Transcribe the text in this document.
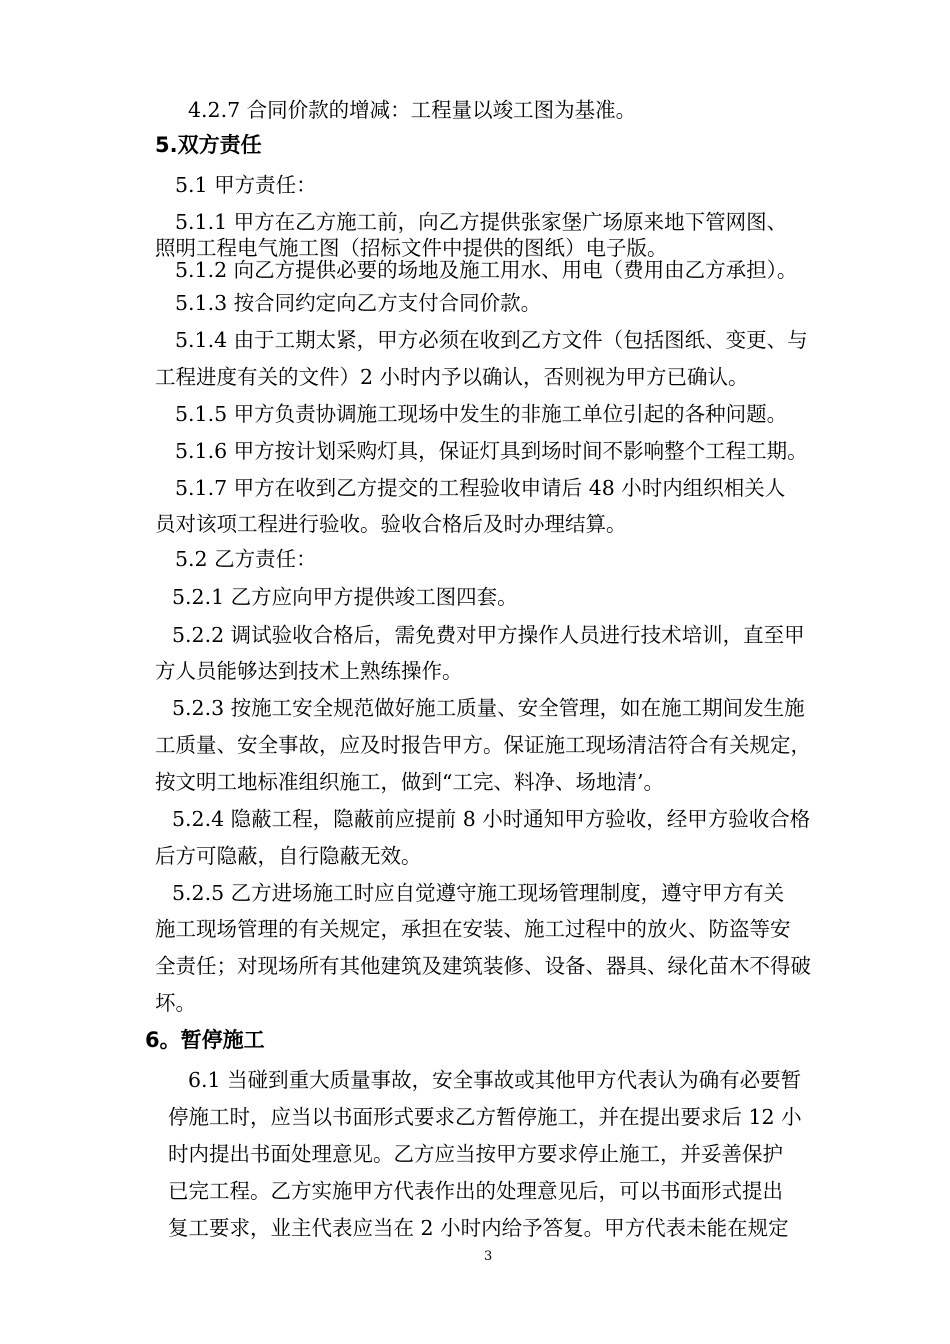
4.2.7 合同价款的增减：工程量以竣工图为基准。
5.双方责任
5.1 甲方责任：
5.1.1 甲方在乙方施工前，向乙方提供张家堡广场原来地下管网图、
照明工程电气施工图（招标文件中提供的图纸）电子版。
5.1.2 向乙方提供必要的场地及施工用水、用电（费用由乙方承担）。
5.1.3 按合同约定向乙方支付合同价款。
5.1.4 由于工期太紧，甲方必须在收到乙方文件（包括图纸、变更、与
工程进度有关的文件）2 小时内予以确认，否则视为甲方已确认。
5.1.5 甲方负责协调施工现场中发生的非施工单位引起的各种问题。
5.1.6 甲方按计划采购灯具，保证灯具到场时间不影响整个工程工期。
5.1.7 甲方在收到乙方提交的工程验收申请后 48 小时内组织相关人
员对该项工程进行验收。验收合格后及时办理结算。
5.2 乙方责任：
5.2.1 乙方应向甲方提供竣工图四套。
5.2.2 调试验收合格后，需免费对甲方操作人员进行技术培训，直至甲
方人员能够达到技术上熟练操作。
5.2.3 按施工安全规范做好施工质量、安全管理，如在施工期间发生施
工质量、安全事故，应及时报告甲方。保证施工现场清洁符合有关规定，
按文明工地标准组织施工，做到“工完、料净、场地清’。
5.2.4 隐蔽工程，隐蔽前应提前 8 小时通知甲方验收，经甲方验收合格
后方可隐蔽，自行隐蔽无效。
5.2.5 乙方进场施工时应自觉遵守施工现场管理制度，遵守甲方有关
施工现场管理的有关规定，承担在安装、施工过程中的放火、防盗等安
全责任；对现场所有其他建筑及建筑装修、设备、器具、绿化苗木不得破
坏。
6。暂停施工
6.1 当碰到重大质量事故，安全事故或其他甲方代表认为确有必要暂
停施工时，应当以书面形式要求乙方暂停施工，并在提出要求后 12 小
时内提出书面处理意见。乙方应当按甲方要求停止施工，并妥善保护
已完工程。乙方实施甲方代表作出的处理意见后，可以书面形式提出
复工要求，业主代表应当在 2 小时内给予答复。甲方代表未能在规定
3
